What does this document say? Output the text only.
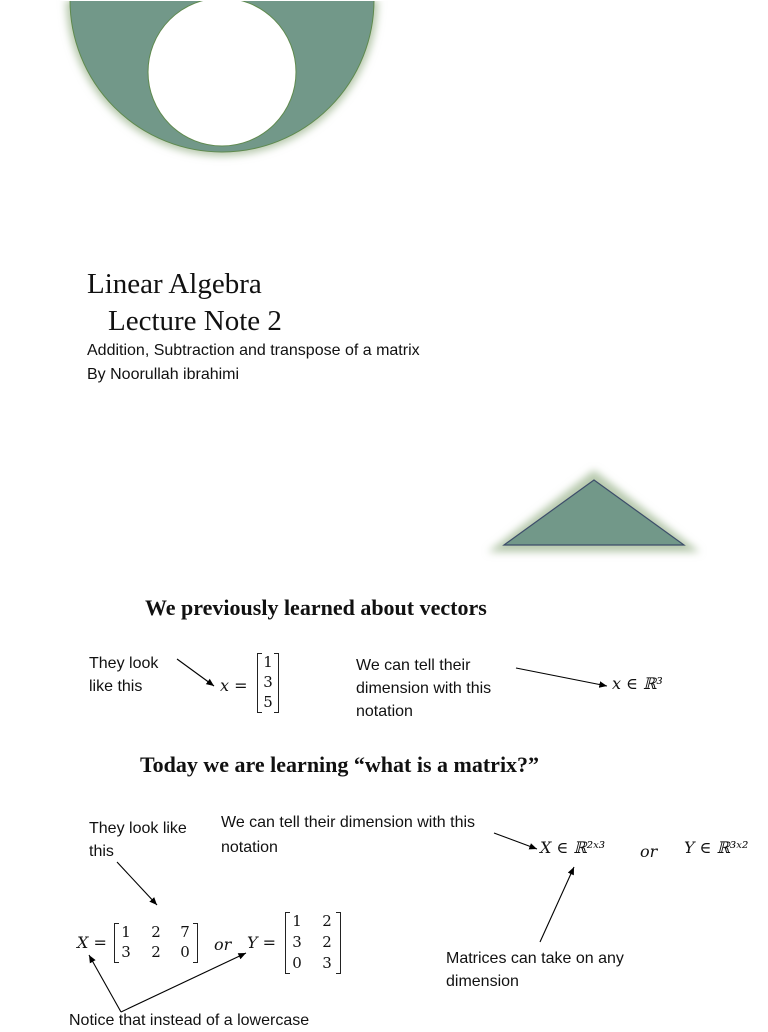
Linear Algebra
Lecture Note 2
Addition, Subtraction and transpose of a matrix
By Noorullah ibrahimi
We previously learned about vectors
They look like this	x =
1
3
5
We can tell their dimension with this notation
x ∈ ℝ³
Today we are learning “what is a matrix?”
They look like this
We can tell their dimension with this notation	X ∈ ℝ²ˣ³ or Y ∈ ℝ³ˣ²
X =
1	2	7
3	2	0	or Y =
1	2
3	2
0	3	Matrices can take on any dimension
Notice that instead of a lowercase
